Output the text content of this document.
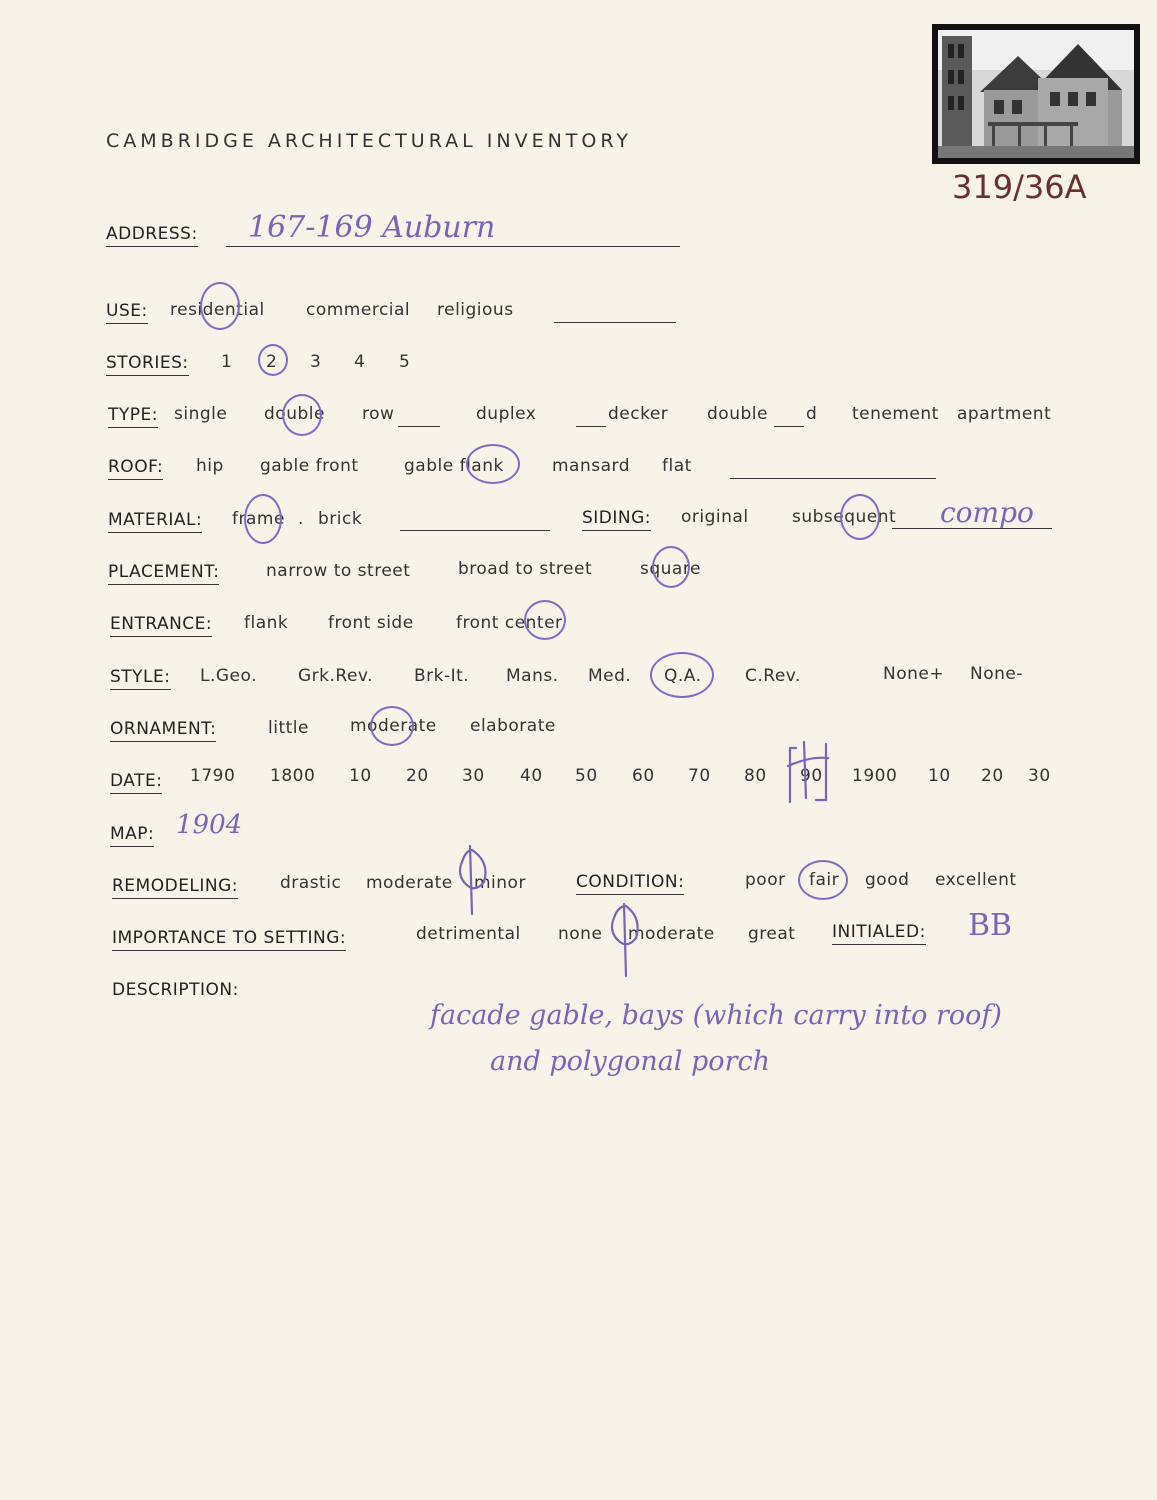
CAMBRIDGE ARCHITECTURAL INVENTORY
319/36A
ADDRESS: 167-169 Auburn
USE: residential commercial religious
STORIES: 1 2 3 4 5
TYPE: single double row	duplex	decker double d tenement apartment
ROOF: hip gable front	gable flank	mansard flat
MATERIAL: frame . brick	SIDING: original	subsequent compo
PLACEMENT:	narrow to street	broad to street	square
ENTRANCE: flank front side front center
STYLE: L.Geo. Grk.Rev. Brk-It. Mans. Med. Q.A.	C.Rev.	None+ None-
ORNAMENT:	little moderate elaborate
DATE: 1790 1800 10 20 30 40 50 60 70 80 90 1900 10 20 30
MAP: 1904
REMODELING: drastic moderate minor	CONDITION:	poor fair good excellent
IMPORTANCE TO SETTING:	detrimental none moderate great INITIALED: BB
DESCRIPTION:
facade gable, bays (which carry into roof)
and polygonal porch
